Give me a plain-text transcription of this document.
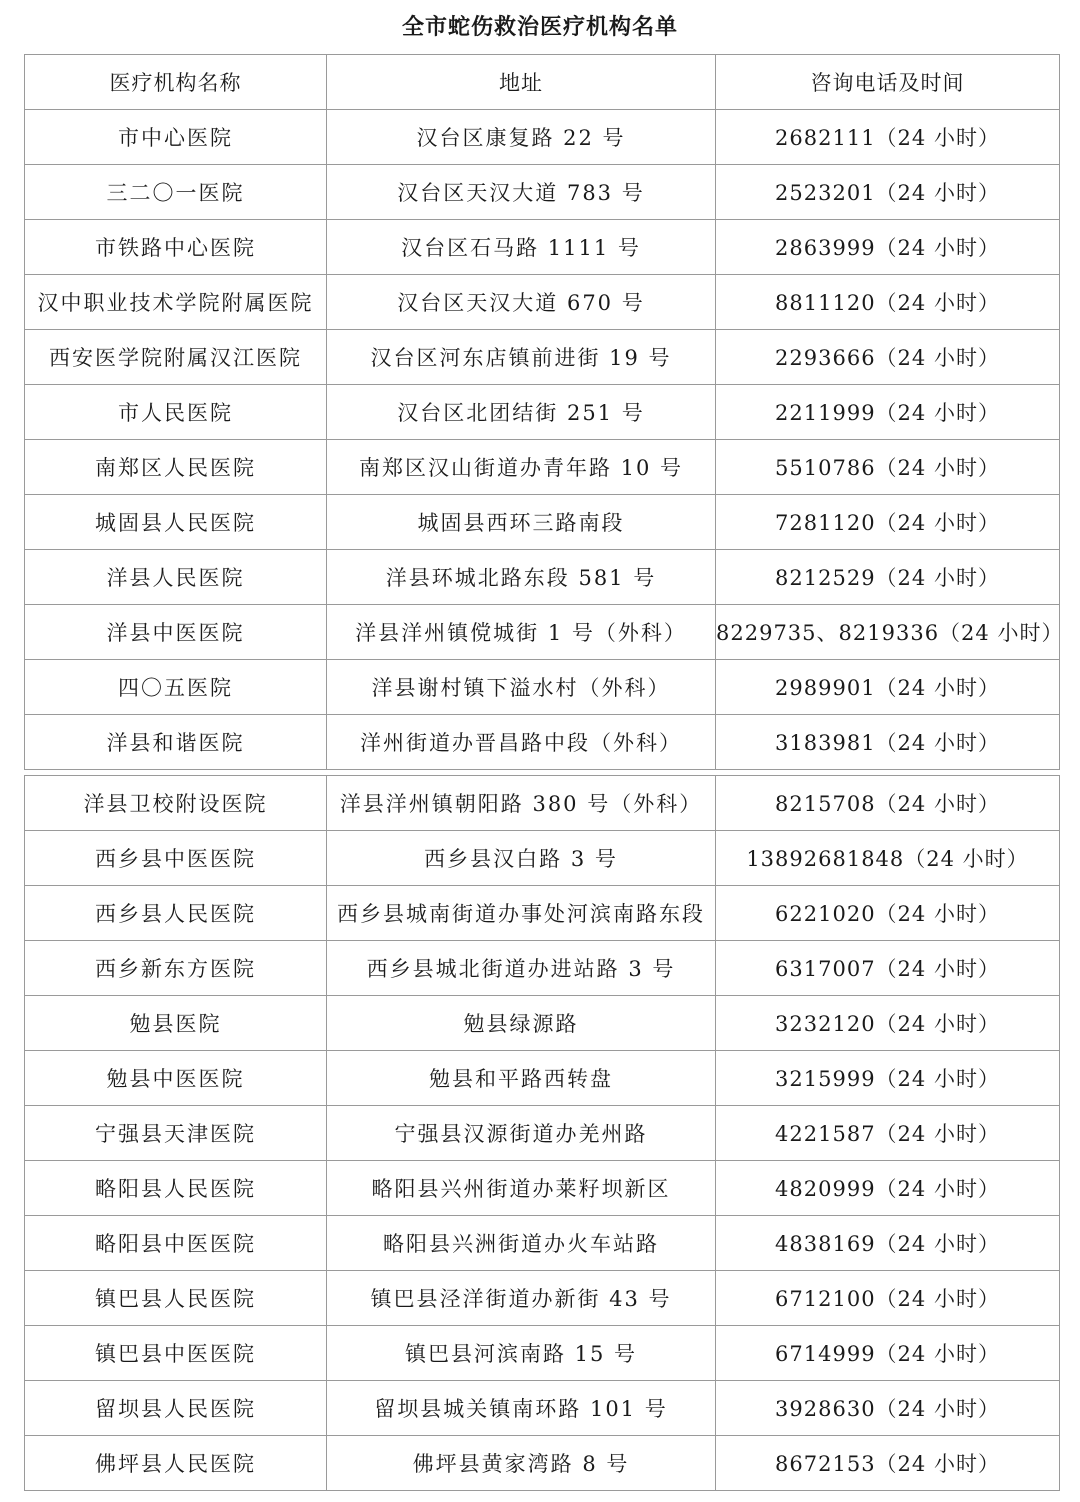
全市蛇伤救治医疗机构名单
医疗机构名称	地址	咨询电话及时间
市中心医院	汉台区康复路 22 号	2682111（24 小时）
三二〇一医院	汉台区天汉大道 783 号	2523201（24 小时）
市铁路中心医院	汉台区石马路 1111 号	2863999（24 小时）
汉中职业技术学院附属医院	汉台区天汉大道 670 号	8811120（24 小时）
西安医学院附属汉江医院	汉台区河东店镇前进街 19 号	2293666（24 小时）
市人民医院	汉台区北团结街 251 号	2211999（24 小时）
南郑区人民医院	南郑区汉山街道办青年路 10 号	5510786（24 小时）
城固县人民医院	城固县西环三路南段	7281120（24 小时）
洋县人民医院	洋县环城北路东段 581 号	8212529（24 小时）
洋县中医医院	洋县洋州镇傥城街 1 号（外科）	8229735、8219336（24 小时）
四〇五医院	洋县谢村镇下溢水村（外科）	2989901（24 小时）
洋县和谐医院	洋州街道办晋昌路中段（外科）	3183981（24 小时）
洋县卫校附设医院	洋县洋州镇朝阳路 380 号（外科）	8215708（24 小时）
西乡县中医医院	西乡县汉白路 3 号	13892681848（24 小时）
西乡县人民医院	西乡县城南街道办事处河滨南路东段	6221020（24 小时）
西乡新东方医院	西乡县城北街道办进站路 3 号	6317007（24 小时）
勉县医院	勉县绿源路	3232120（24 小时）
勉县中医医院	勉县和平路西转盘	3215999（24 小时）
宁强县天津医院	宁强县汉源街道办羌州路	4221587（24 小时）
略阳县人民医院	略阳县兴州街道办莱籽坝新区	4820999（24 小时）
略阳县中医医院	略阳县兴洲街道办火车站路	4838169（24 小时）
镇巴县人民医院	镇巴县泾洋街道办新街 43 号	6712100（24 小时）
镇巴县中医医院	镇巴县河滨南路 15 号	6714999（24 小时）
留坝县人民医院	留坝县城关镇南环路 101 号	3928630（24 小时）
佛坪县人民医院	佛坪县黄家湾路 8 号	8672153（24 小时）
